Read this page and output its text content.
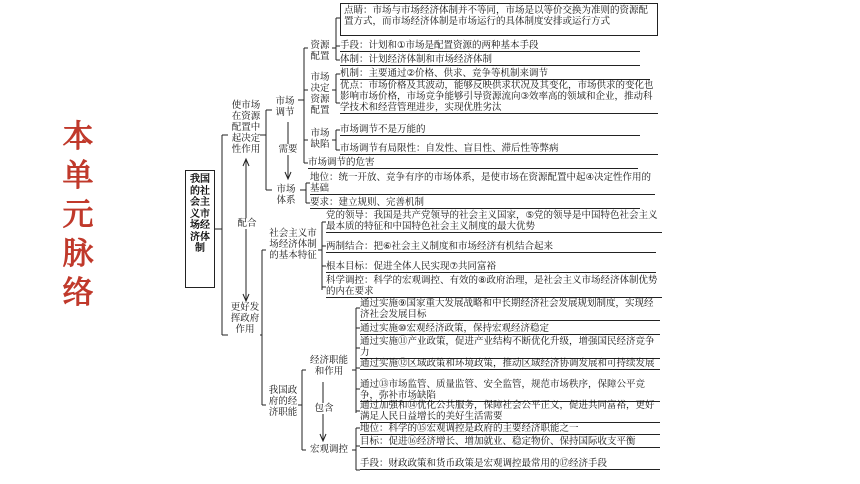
本
单
元
脉
络
我国的社会主义市场经济体制
使市场在资源配置中起决定性作用
更好发挥政府作用
配合
市场调节
需要
资源配置
市场决定资源配置
市场缺陷
市场体系
点睛：市场与市场经济体制并不等同，市场是以等价交换为准则的资源配置方式，而市场经济体制是市场运行的具体制度安排或运行方式
手段：计划和①市场是配置资源的两种基本手段
体制：计划经济体制和市场经济体制
机制：主要通过②价格、供求、竞争等机制来调节
优点：市场价格及其波动，能够反映供求状况及其变化，市场供求的变化也影响市场价格，市场竞争能够引导资源流向③效率高的领域和企业，推动科学技术和经营管理进步，实现优胜劣汰
市场调节不是万能的
市场调节有局限性：自发性、盲目性、滞后性等弊病
市场调节的危害
地位：统一开放、竞争有序的市场体系，是使市场在资源配置中起④决定性作用的基础
要求：建立规则、完善机制
社会主义市场经济体制的基本特征
党的领导：我国是共产党领导的社会主义国家，⑤党的领导是中国特色社会主义最本质的特征和中国特色社会主义制度的最大优势
两制结合：把⑥社会主义制度和市场经济有机结合起来
根本目标：促进全体人民实现⑦共同富裕
科学调控：科学的宏观调控、有效的⑧政府治理，是社会主义市场经济体制优势的内在要求
我国政府的经济职能
经济职能和作用
包含
宏观调控
通过实施⑨国家重大发展战略和中长期经济社会发展规划制度，实现经济社会发展目标
通过实施⑩宏观经济政策，保持宏观经济稳定
通过实施⑪产业政策，促进产业结构不断优化升级，增强国民经济竞争力
通过实施⑫区域政策和环境政策，推动区域经济协调发展和可持续发展
通过⑬市场监管、质量监管、安全监管，规范市场秩序，保障公平竞争，弥补市场缺陷
通过加强和⑭优化公共服务，保障社会公平正义，促进共同富裕，更好满足人民日益增长的美好生活需要
地位：科学的⑮宏观调控是政府的主要经济职能之一
目标：促进⑯经济增长、增加就业、稳定物价、保持国际收支平衡
手段：财政政策和货币政策是宏观调控最常用的⑰经济手段
